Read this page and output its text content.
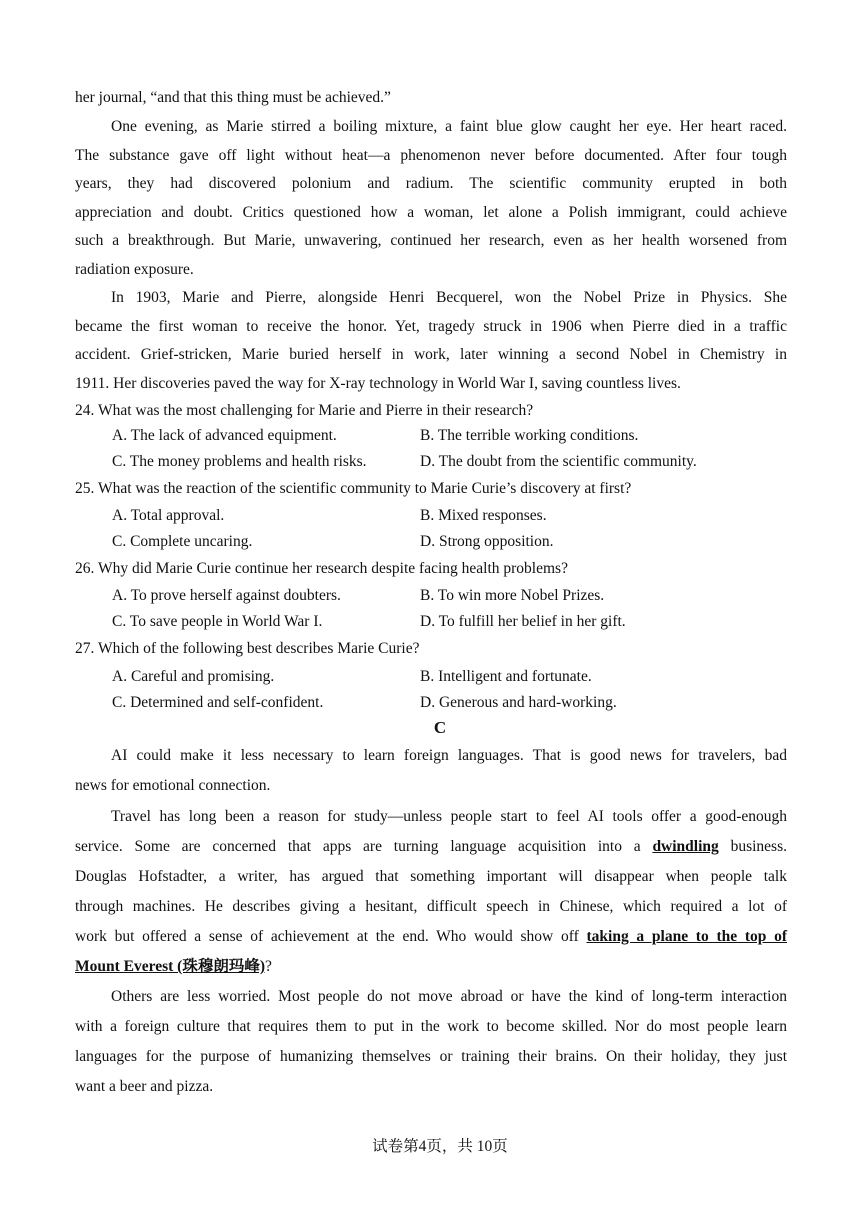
her journal, “and that this thing must be achieved.”
One evening, as Marie stirred a boiling mixture, a faint blue glow caught her eye. Her heart raced.
The substance gave off light without heat—a phenomenon never before documented. After four tough
years, they had discovered polonium and radium. The scientific community erupted in both
appreciation and doubt. Critics questioned how a woman, let alone a Polish immigrant, could achieve
such a breakthrough. But Marie, unwavering, continued her research, even as her health worsened from
radiation exposure.
In 1903, Marie and Pierre, alongside Henri Becquerel, won the Nobel Prize in Physics. She
became the first woman to receive the honor. Yet, tragedy struck in 1906 when Pierre died in a traffic
accident. Grief-stricken, Marie buried herself in work, later winning a second Nobel in Chemistry in
1911. Her discoveries paved the way for X-ray technology in World War I, saving countless lives.
24. What was the most challenging for Marie and Pierre in their research?
A. The lack of advanced equipment.	B. The terrible working conditions.
C. The money problems and health risks.	D. The doubt from the scientific community.
25. What was the reaction of the scientific community to Marie Curie’s discovery at first?
A. Total approval.	B. Mixed responses.
C. Complete uncaring.	D. Strong opposition.
26. Why did Marie Curie continue her research despite facing health problems?
A. To prove herself against doubters.	B. To win more Nobel Prizes.
C. To save people in World War I.	D. To fulfill her belief in her gift.
27. Which of the following best describes Marie Curie?
A. Careful and promising.	B. Intelligent and fortunate.
C. Determined and self-confident.	D. Generous and hard-working.
C
AI could make it less necessary to learn foreign languages. That is good news for travelers, bad
news for emotional connection.
Travel has long been a reason for study—unless people start to feel AI tools offer a good-enough
service. Some are concerned that apps are turning language acquisition into a dwindling business.
Douglas Hofstadter, a writer, has argued that something important will disappear when people talk
through machines. He describes giving a hesitant, difficult speech in Chinese, which required a lot of
work but offered a sense of achievement at the end. Who would show off taking a plane to the top of
Mount Everest (珠穆朗玛峰)?
Others are less worried. Most people do not move abroad or have the kind of long-term interaction
with a foreign culture that requires them to put in the work to become skilled. Nor do most people learn
languages for the purpose of humanizing themselves or training their brains. On their holiday, they just
want a beer and pizza.
试卷第4页，共 10页
